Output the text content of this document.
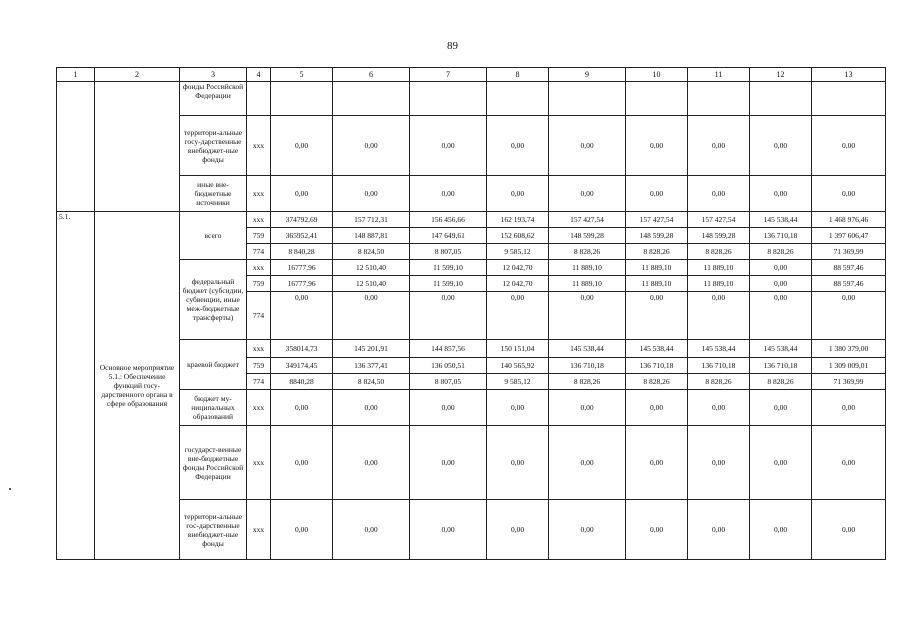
89
1	2	3	4	5	6	7	8	9	10	11	12	13
		фонды Российской Федерации										
		территори-альные госу-дарственные внебюджет-ные фонды	ххх	0,00	0,00	0,00	0,00	0,00	0,00	0,00	0,00	0,00
		иные вне-бюджетные источники	ххх	0,00	0,00	0,00	0,00	0,00	0,00	0,00	0,00	0,00
5.1.	Основное мероприятие 5.1.: Обеспечение функций госу-дарственного органа в сфере образования	всего	ххх	374792,69	157 712,31	156 456,66	162 193,74	157 427,54	157 427,54	157 427,54	145 538,44	1 468 976,46
			759	365952,41	148 887,81	147 649,61	152 608,62	148 599,28	148 599,28	148 599,28	136 710,18	1 397 606,47
			774	8 840,28	8 824,50	8 807,05	9 585,12	8 828,26	8 828,26	8 828,26	8 828,26	71 369,99
		федеральный бюджет (субсидии, субвенции, иные меж-бюджетные трансферты)	ххх	16777,96	12 510,40	11 599,10	12 042,70	11 889,10	11 889,10	11 889,10	0,00	88 597,46
			759	16777,96	12 510,40	11 599,10	12 042,70	11 889,10	11 889,10	11 889,10	0,00	88 597,46
			774	0,00	0,00	0,00	0,00	0,00	0,00	0,00	0,00	0,00
		краевой бюджет	ххх	358014,73	145 201,91	144 857,56	150 151,04	145 538,44	145 538,44	145 538,44	145 538,44	1 380 379,00
			759	349174,45	136 377,41	136 050,51	140 565,92	136 710,18	136 710,18	136 710,18	136 710,18	1 309 009,01
			774	8840,28	8 824,50	8 807,05	9 585,12	8 828,26	8 828,26	8 828,26	8 828,26	71 369,99
		бюджет му-ниципальных образований	ххх	0,00	0,00	0,00	0,00	0,00	0,00	0,00	0,00	0,00
		государст-венные вне-бюджетные фонды Российской Федерации	ххх	0,00	0,00	0,00	0,00	0,00	0,00	0,00	0,00	0,00
		территори-альные гос-дарственные внебюджет-ные фонды	ххх	0,00	0,00	0,00	0,00	0,00	0,00	0,00	0,00	0,00
